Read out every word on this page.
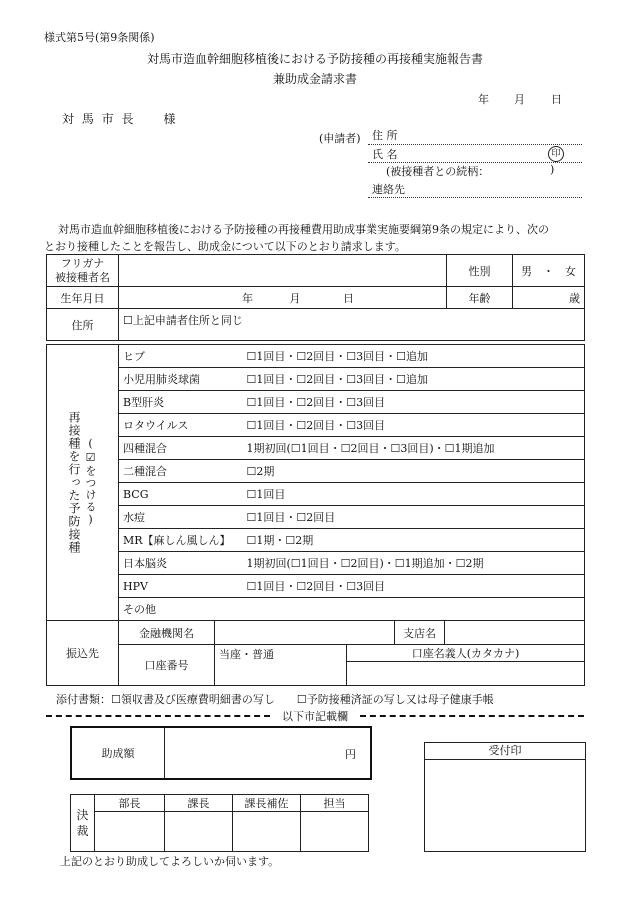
様式第5号(第9条関係)
対馬市造血幹細胞移植後における予防接種の再接種実施報告書
兼助成金請求書
年 月 日
対 馬 市 長　　様
(申請者) 住 所
氏 名	印
(被接種者との続柄：	)
連絡先
対馬市造血幹細胞移植後における予防接種の再接種費用助成事業実施要綱第9条の規定により、次の
とおり接種したことを報告し、助成金について以下のとおり請求します。
フリガナ
被接種者名		性別	男　・　女
生年月日	年 月 日	年齢	歳
住所	☐上記申請者住所と同じ		
	ヒブ	☐1回目・☐2回目・☐3回目・☐追加
	小児用肺炎球菌	☐1回目・☐2回目・☐3回目・☐追加
	B型肝炎	☐1回目・☐2回目・☐3回目
	ロタウイルス	☐1回目・☐2回目・☐3回目
	四種混合	1期初回(☐1回目・☐2回目・☐3回目)・☐1期追加
	二種混合	☐2期
	BCG	☐1回目
	水痘	☐1回目・☐2回目
	MR【麻しん風しん】	☐1期・☐2期
	日本脳炎	1期初回(☐1回目・☐2回目)・☐1期追加・☐2期
	HPV	☐1回目・☐2回目・☐3回目
	その他	
再接種を行った予防接種 (☑をつける)
振込先	金融機関名			支店名	
	口座番号	当座・普通	口座名義人(カタカナ)		

添付書類：☐領収書及び医療費明細書の写し　　☐予防接種済証の写し又は母子健康手帳
以下市記載欄
助成額	円	受付印
決裁	部長	課長	課長補佐	担当

上記のとおり助成してよろしいか伺います。
